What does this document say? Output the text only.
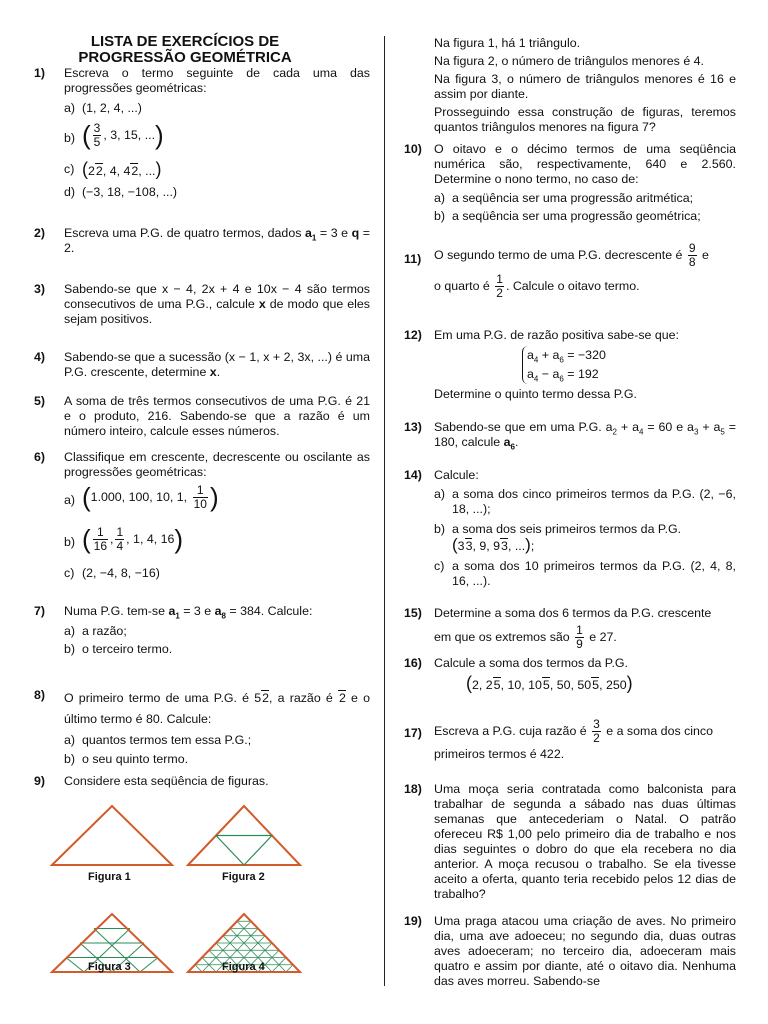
LISTA DE EXERCÍCIOS DE
PROGRESSÃO GEOMÉTRICA
1) Escreva o termo seguinte de cada uma das progressões geométricas:
a) (1, 2, 4, ...)
b) ( $\frac{3}{5}$ , 3, 15, ...)
c) (22, 4, 42, ...)
d) (−3, 18, −108, ...)
2) Escreva uma P.G. de quatro termos, dados $a_1 = 3$ e q = 2.
3) Sabendo-se que x − 4, 2x + 4 e 10x − 4 são termos consecutivos de uma P.G., calcule x de modo que eles sejam positivos.
4) Sabendo-se que a sucessão (x − 1, x + 2, 3x, ...) é uma P.G. crescente, determine x.
5) A soma de três termos consecutivos de uma P.G. é 21 e o produto, 216. Sabendo-se que a razão é um número inteiro, calcule esses números.
6) Classifique em crescente, decrescente ou oscilante as progressões geométricas:
a) (1.000, 100, 10, 1, $\frac{1}{10}$ )
b) ( $\frac{1}{16}$ , $\frac{1}{4}$ , 1, 4, 16)
c) (2, −4, 8, −16)
7) Numa P.G. tem-se $a_1 = 3$ e $a_8 = 384$. Calcule:
a) a razão;
b) o terceiro termo.
8) O primeiro termo de uma P.G. é 52, a razão é 2 e o último termo é 80. Calcule:
a) quantos termos tem essa P.G.;
b) o seu quinto termo.
9) Considere esta seqüência de figuras.
Figura 1	Figura 2
Figura 3	Figura 4

Na figura 1, há 1 triângulo.

Na figura 2, o número de triângulos menores é 4.

Na figura 3, o número de triângulos menores é 16 e assim por diante.

Prosseguindo essa construção de figuras, teremos quantos triângulos menores na figura 7?

10) O oitavo e o décimo termos de uma seqüência numérica são, respectivamente, 640 e 2.560. Determine o nono termo, no caso de:
a) a seqüência ser uma progressão aritmética;
b) a seqüência ser uma progressão geométrica;
11) O segundo termo de uma P.G. decrescente é $\frac{9}{8}$ e
o quarto é $\frac{1}{2}$ . Calcule o oitavo termo.
12) Em uma P.G. de razão positiva sabe-se que:
$a_4 + a_6 = -320$
$a_4 - a_6 = 192$
Determine o quinto termo dessa P.G.
13) Sabendo-se que em uma P.G. $a_2 + a_4 = 60$ e $a_3 + a_5 = 180$, calcule $a_6$.
14) Calcule:
a) a soma dos cinco primeiros termos da P.G. (2, −6, 18, ...);
b) a soma dos seis primeiros termos da P.G.
(33, 9, 93, ...);
c) a soma dos 10 primeiros termos da P.G. (2, 4, 8, 16, ...).
15) Determine a soma dos 6 termos da P.G. crescente
em que os extremos são $\frac{1}{9}$ e 27.
16) Calcule a soma dos termos da P.G.
(2, 25, 10, 105, 50, 505, 250)
17) Escreva a P.G. cuja razão é $\frac{3}{2}$ e a soma dos cinco
primeiros termos é 422.
18) Uma moça seria contratada como balconista para trabalhar de segunda a sábado nas duas últimas semanas que antecederiam o Natal. O patrão ofereceu R$ 1,00 pelo primeiro dia de trabalho e nos dias seguintes o dobro do que ela recebera no dia anterior. A moça recusou o trabalho. Se ela tivesse aceito a oferta, quanto teria recebido pelos 12 dias de trabalho?
19) Uma praga atacou uma criação de aves. No primeiro dia, uma ave adoeceu; no segundo dia, duas outras aves adoeceram; no terceiro dia, adoeceram mais quatro e assim por diante, até o oitavo dia. Nenhuma das aves morreu. Sabendo-se
